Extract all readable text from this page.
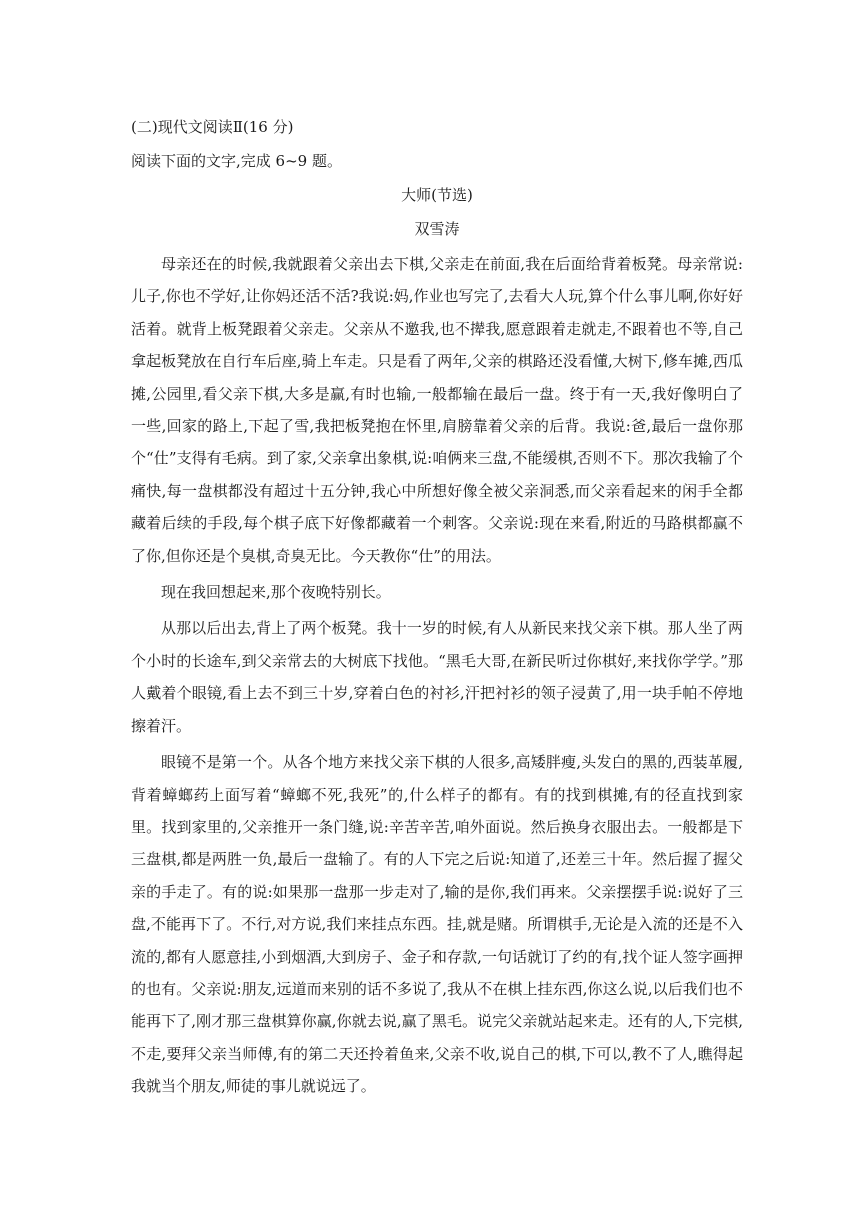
(二)现代文阅读Ⅱ(16 分)

阅读下面的文字,完成 6~9 题。

大师(节选)

双雪涛

母亲还在的时候,我就跟着父亲出去下棋,父亲走在前面,我在后面给背着板凳。母亲常说:儿子,你也不学好,让你妈还活不活?我说:妈,作业也写完了,去看大人玩,算个什么事儿啊,你好好活着。就背上板凳跟着父亲走。父亲从不邀我,也不撵我,愿意跟着走就走,不跟着也不等,自己拿起板凳放在自行车后座,骑上车走。只是看了两年,父亲的棋路还没看懂,大树下,修车摊,西瓜摊,公园里,看父亲下棋,大多是赢,有时也输,一般都输在最后一盘。终于有一天,我好像明白了一些,回家的路上,下起了雪,我把板凳抱在怀里,肩膀靠着父亲的后背。我说:爸,最后一盘你那个“仕”支得有毛病。到了家,父亲拿出象棋,说:咱俩来三盘,不能缓棋,否则不下。那次我输了个痛快,每一盘棋都没有超过十五分钟,我心中所想好像全被父亲洞悉,而父亲看起来的闲手全都藏着后续的手段,每个棋子底下好像都藏着一个刺客。父亲说:现在来看,附近的马路棋都赢不了你,但你还是个臭棋,奇臭无比。今天教你“仕”的用法。

现在我回想起来,那个夜晚特别长。

从那以后出去,背上了两个板凳。我十一岁的时候,有人从新民来找父亲下棋。那人坐了两个小时的长途车,到父亲常去的大树底下找他。“黑毛大哥,在新民听过你棋好,来找你学学。”那人戴着个眼镜,看上去不到三十岁,穿着白色的衬衫,汗把衬衫的领子浸黄了,用一块手帕不停地擦着汗。

眼镜不是第一个。从各个地方来找父亲下棋的人很多,高矮胖瘦,头发白的黑的,西装革履,背着蟑螂药上面写着“蟑螂不死,我死”的,什么样子的都有。有的找到棋摊,有的径直找到家里。找到家里的,父亲推开一条门缝,说:辛苦辛苦,咱外面说。然后换身衣服出去。一般都是下三盘棋,都是两胜一负,最后一盘输了。有的人下完之后说:知道了,还差三十年。然后握了握父亲的手走了。有的说:如果那一盘那一步走对了,输的是你,我们再来。父亲摆摆手说:说好了三盘,不能再下了。不行,对方说,我们来挂点东西。挂,就是赌。所谓棋手,无论是入流的还是不入流的,都有人愿意挂,小到烟酒,大到房子、金子和存款,一句话就订了约的有,找个证人签字画押的也有。父亲说:朋友,远道而来别的话不多说了,我从不在棋上挂东西,你这么说,以后我们也不能再下了,刚才那三盘棋算你赢,你就去说,赢了黑毛。说完父亲就站起来走。还有的人,下完棋,不走,要拜父亲当师傅,有的第二天还拎着鱼来,父亲不收,说自己的棋,下可以,教不了人,瞧得起我就当个朋友,师徒的事儿就说远了。
